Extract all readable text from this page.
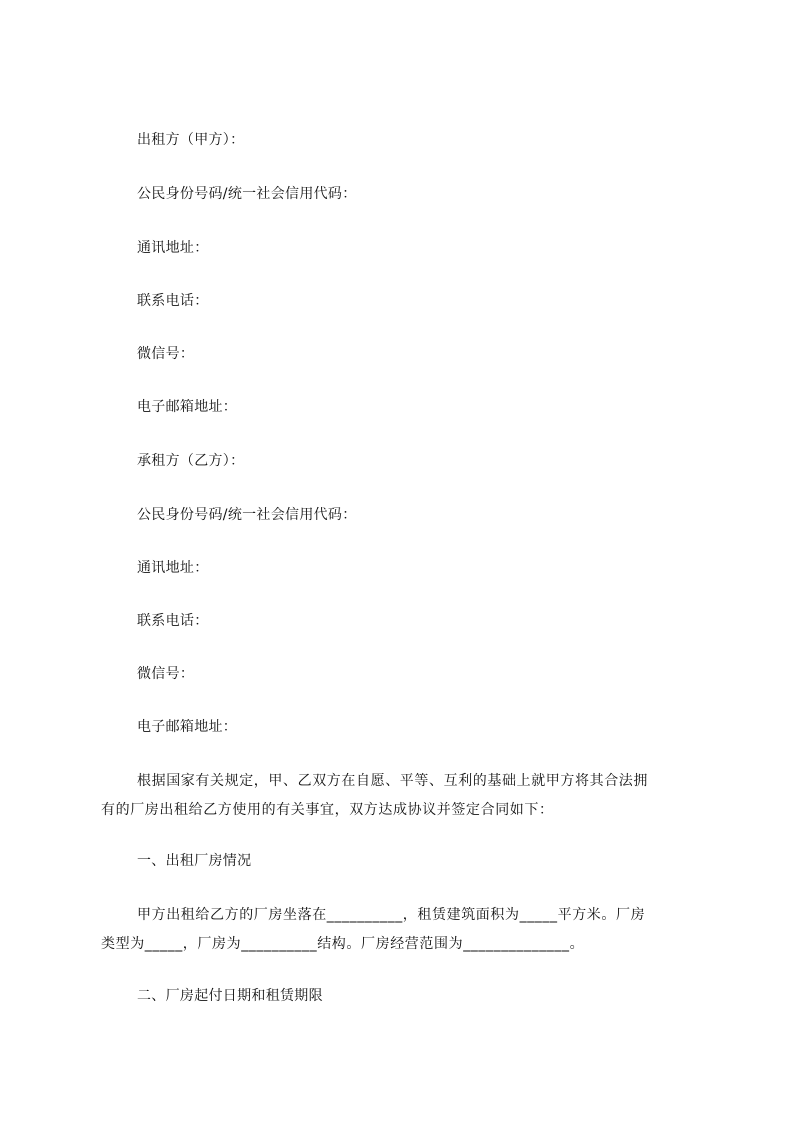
出租方（甲方）：
公民身份号码/统一社会信用代码：
通讯地址：
联系电话：
微信号：
电子邮箱地址：
承租方（乙方）：
公民身份号码/统一社会信用代码：
通讯地址：
联系电话：
微信号：
电子邮箱地址：
根据国家有关规定，甲、乙双方在自愿、平等、互利的基础上就甲方将其合法拥
有的厂房出租给乙方使用的有关事宜，双方达成协议并签定合同如下：
一、出租厂房情况
甲方出租给乙方的厂房坐落在__________，租赁建筑面积为_____平方米。厂房
类型为_____，厂房为__________结构。厂房经营范围为______________。
二、厂房起付日期和租赁期限
